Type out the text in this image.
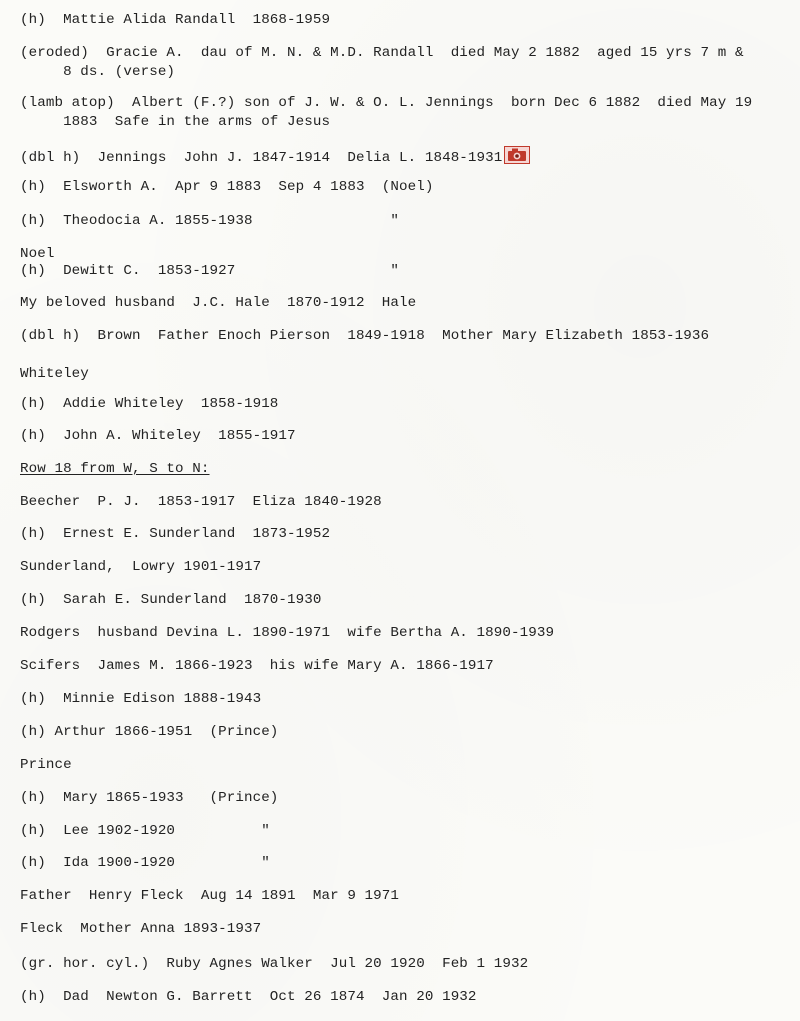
(h)  Mattie Alida Randall  1868-1959
(eroded)  Gracie A.  dau of M. N. & M.D. Randall  died May 2 1882  aged 15 yrs 7 m &
8 ds. (verse)
(lamb atop)  Albert (F.?) son of J. W. & O. L. Jennings  born Dec 6 1882  died May 19
1883  Safe in the arms of Jesus
(dbl h)  Jennings  John J. 1847-1914  Delia L. 1848-1931
(h)  Elsworth A.  Apr 9 1883  Sep 4 1883  (Noel)
(h)  Theodocia A. 1855-1938                "
Noel
(h)  Dewitt C.  1853-1927                  "
My beloved husband  J.C. Hale  1870-1912  Hale
(dbl h)  Brown  Father Enoch Pierson  1849-1918  Mother Mary Elizabeth 1853-1936
Whiteley
(h)  Addie Whiteley  1858-1918
(h)  John A. Whiteley  1855-1917
Row 18 from W, S to N:
Beecher  P. J.  1853-1917  Eliza 1840-1928
(h)  Ernest E. Sunderland  1873-1952
Sunderland,  Lowry 1901-1917
(h)  Sarah E. Sunderland  1870-1930
Rodgers  husband Devina L. 1890-1971  wife Bertha A. 1890-1939
Scifers  James M. 1866-1923  his wife Mary A. 1866-1917
(h)  Minnie Edison 1888-1943
(h) Arthur 1866-1951  (Prince)
Prince
(h)  Mary 1865-1933   (Prince)
(h)  Lee 1902-1920          "
(h)  Ida 1900-1920          "
Father  Henry Fleck  Aug 14 1891  Mar 9 1971
Fleck  Mother Anna 1893-1937
(gr. hor. cyl.)  Ruby Agnes Walker  Jul 20 1920  Feb 1 1932
(h)  Dad  Newton G. Barrett  Oct 26 1874  Jan 20 1932
